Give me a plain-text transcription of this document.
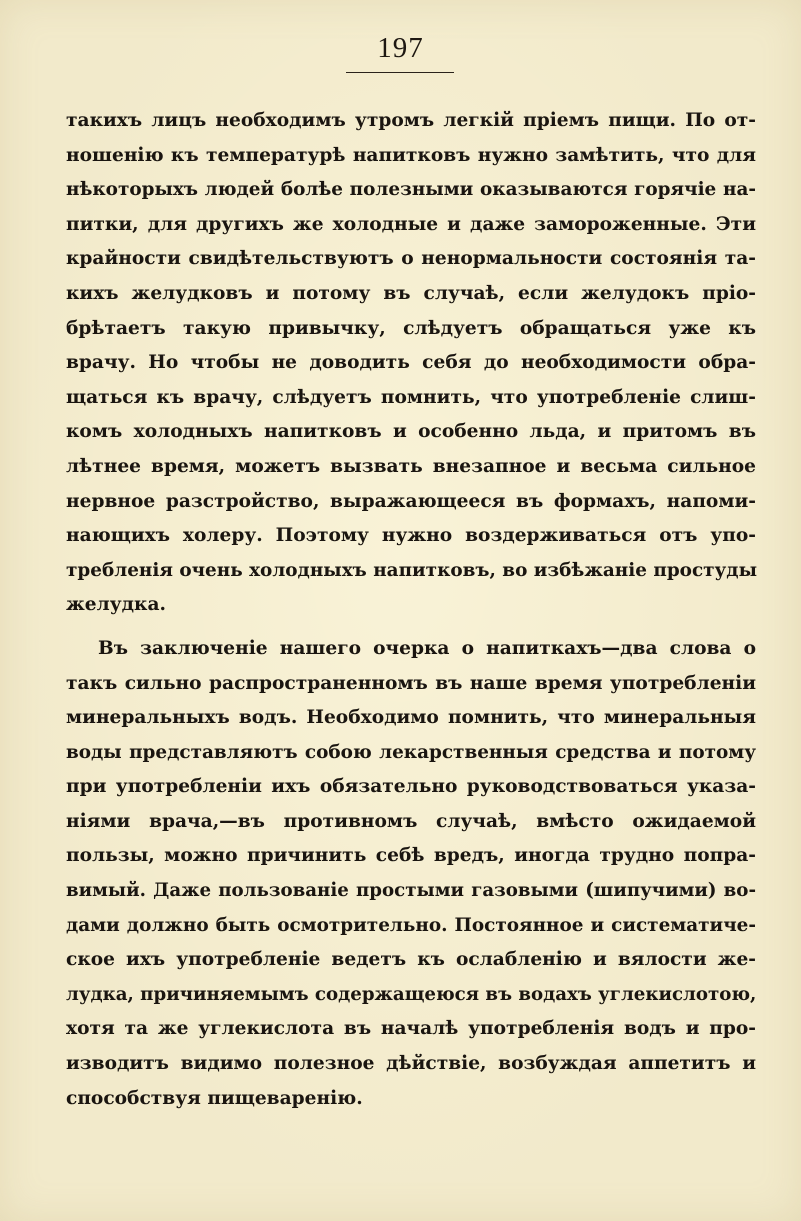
197
такихъ лицъ необходимъ утромъ легкій пріемъ пищи. По от-
ношенію къ температурѣ напитковъ нужно замѣтить, что для
нѣкоторыхъ людей болѣе полезными оказываются горячіе на-
питки, для другихъ же холодные и даже замороженные. Эти
крайности свидѣтельствуютъ о ненормальности состоянія та-
кихъ желудковъ и потому въ случаѣ, если желудокъ пріо-
брѣтаетъ такую привычку, слѣдуетъ обращаться уже къ
врачу. Но чтобы не доводить себя до необходимости обра-
щаться къ врачу, слѣдуетъ помнить, что употребленіе слиш-
комъ холодныхъ напитковъ и особенно льда, и притомъ въ
лѣтнее время, можетъ вызвать внезапное и весьма сильное
нервное разстройство, выражающееся въ формахъ, напоми-
нающихъ холеру. Поэтому нужно воздерживаться отъ упо-
требленія очень холодныхъ напитковъ, во избѣжаніе простуды
желудка.
Въ заключеніе нашего очерка о напиткахъ—два слова о
такъ сильно распространенномъ въ наше время употребленіи
минеральныхъ водъ. Необходимо помнить, что минеральныя
воды представляютъ собою лекарственныя средства и потому
при употребленіи ихъ обязательно руководствоваться указа-
ніями врача,—въ противномъ случаѣ, вмѣсто ожидаемой
пользы, можно причинить себѣ вредъ, иногда трудно попра-
вимый. Даже пользованіе простыми газовыми (шипучими) во-
дами должно быть осмотрительно. Постоянное и систематиче-
ское ихъ употребленіе ведетъ къ ослабленію и вялости же-
лудка, причиняемымъ содержащеюся въ водахъ углекислотою,
хотя та же углекислота въ началѣ употребленія водъ и про-
изводитъ видимо полезное дѣйствіе, возбуждая аппетитъ и
способствуя пищеваренію.
